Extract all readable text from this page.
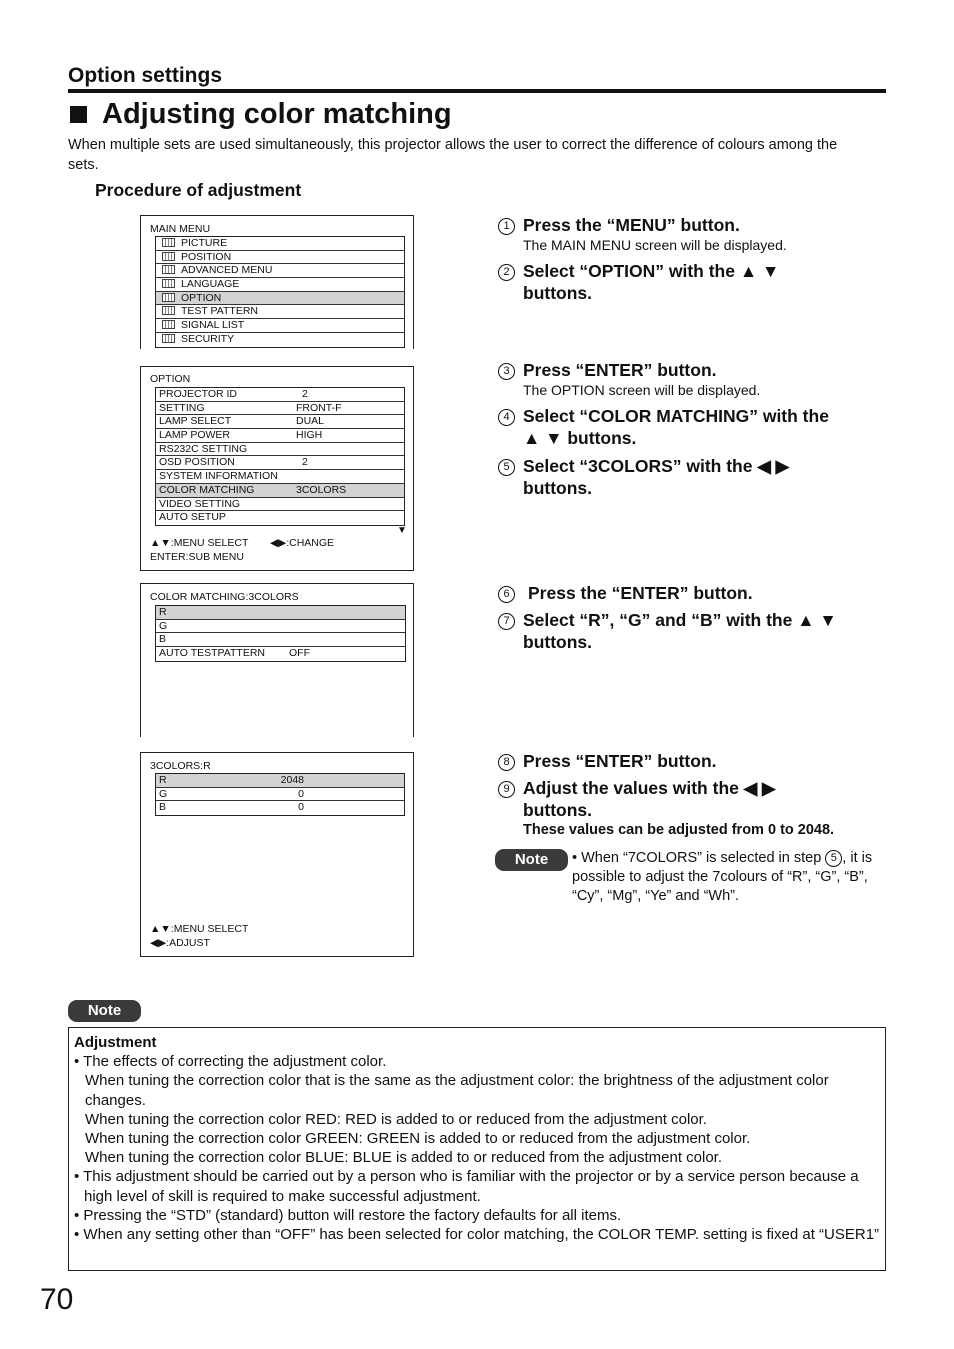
Option settings
Adjusting color matching
When multiple sets are used simultaneously, this projector allows the user to correct the difference of colours among the sets.
Procedure of adjustment
MAIN MENU
PICTURE
POSITION
ADVANCED MENU
LANGUAGE
OPTION
TEST PATTERN
SIGNAL LIST
SECURITY
OPTION
PROJECTOR ID	2
SETTING	FRONT-F
LAMP SELECT	DUAL
LAMP POWER	HIGH
RS232C SETTING
OSD POSITION	2
SYSTEM INFORMATION
COLOR MATCHING	3COLORS
VIDEO SETTING
AUTO SETUP
▼
▲▼:MENU SELECT ◀▶:CHANGE
ENTER:SUB MENU
COLOR MATCHING:3COLORS
R
G
B
AUTO TESTPATTERN OFF
3COLORS:R
R	2048
G	0
B	0
▲▼:MENU SELECT
◀▶:ADJUST
1 Press the “MENU” button.
The MAIN MENU screen will be displayed.
2 Select “OPTION” with the ▲ ▼
buttons.
3 Press “ENTER” button.
The OPTION screen will be displayed.
4 Select “COLOR MATCHING” with the
▲ ▼ buttons.
5 Select “3COLORS” with the ◀ ▶
buttons.
6 Press the “ENTER” button.
7 Select “R”, “G” and “B” with the ▲ ▼
buttons.
8 Press “ENTER” button.
9 Adjust the values with the ◀ ▶
buttons.
These values can be adjusted from 0 to 2048.
Note	• When “7COLORS” is selected in step 5 , it is possible to adjust the 7colours of “R”, “G”, “B”, “Cy”, “Mg”, “Ye” and “Wh”.
Note
Adjustment
• The effects of correcting the adjustment color.
When tuning the correction color that is the same as the adjustment color: the brightness of the adjustment color changes.
When tuning the correction color RED: RED is added to or reduced from the adjustment color.
When tuning the correction color GREEN: GREEN is added to or reduced from the adjustment color.
When tuning the correction color BLUE: BLUE is added to or reduced from the adjustment color.
• This adjustment should be carried out by a person who is familiar with the projector or by a service person because a high level of skill is required to make successful adjustment.
• Pressing the “STD” (standard) button will restore the factory defaults for all items.
• When any setting other than “OFF” has been selected for color matching, the COLOR TEMP. setting is fixed at “USER1”
70
